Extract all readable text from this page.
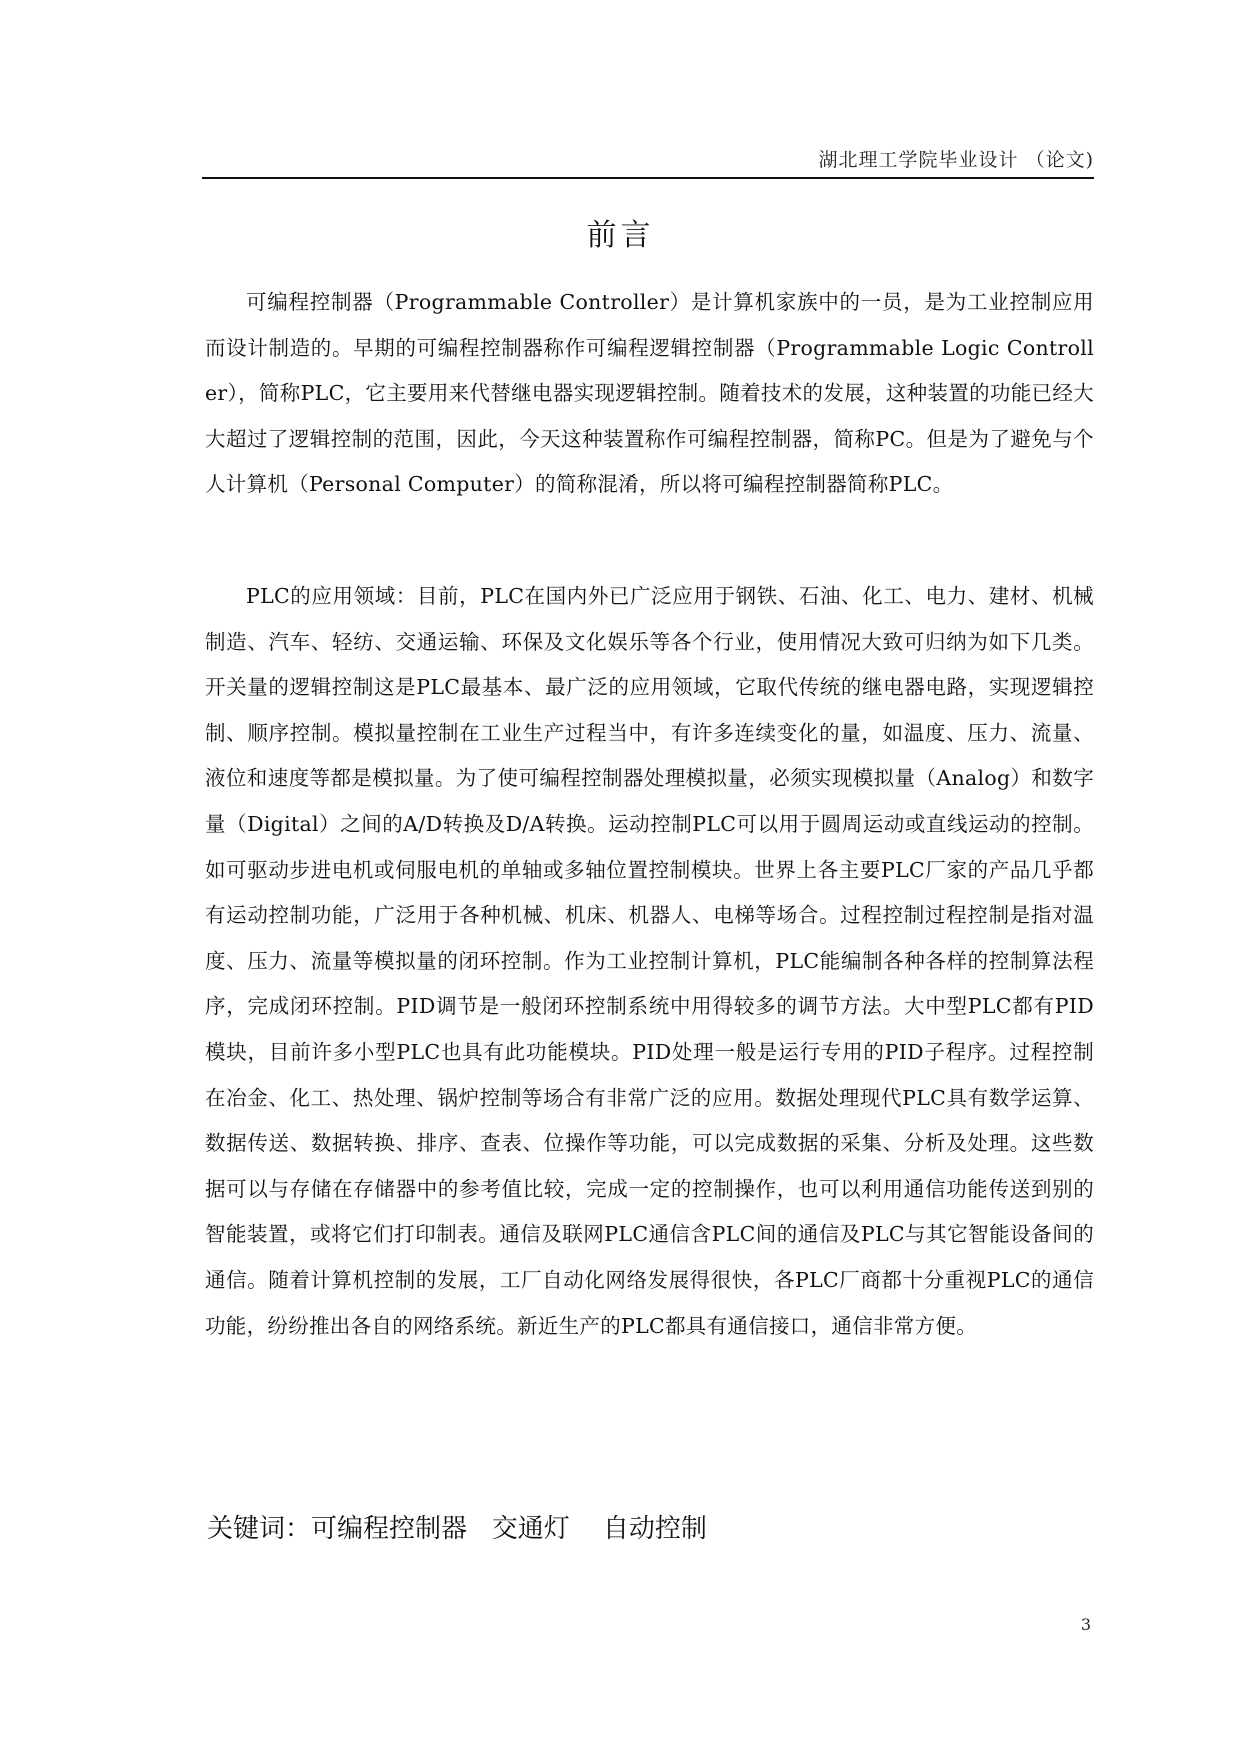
湖北理工学院毕业设计 （论文)
前言
可编程控制器（Programmable Controller）是计算机家族中的一员，是为工业控制应用而设计制造的。早期的可编程控制器称作可编程逻辑控制器（Programmable Logic Controller），简称PLC，它主要用来代替继电器实现逻辑控制。随着技术的发展，这种装置的功能已经大大超过了逻辑控制的范围，因此，今天这种装置称作可编程控制器，简称PC。但是为了避免与个人计算机（Personal Computer）的简称混淆，所以将可编程控制器简称PLC。
PLC的应用领域：目前，PLC在国内外已广泛应用于钢铁、石油、化工、电力、建材、机械制造、汽车、轻纺、交通运输、环保及文化娱乐等各个行业，使用情况大致可归纳为如下几类。开关量的逻辑控制这是PLC最基本、最广泛的应用领域，它取代传统的继电器电路，实现逻辑控制、顺序控制。模拟量控制在工业生产过程当中，有许多连续变化的量，如温度、压力、流量、液位和速度等都是模拟量。为了使可编程控制器处理模拟量，必须实现模拟量（Analog）和数字量（Digital）之间的A/D转换及D/A转换。运动控制PLC可以用于圆周运动或直线运动的控制。如可驱动步进电机或伺服电机的单轴或多轴位置控制模块。世界上各主要PLC厂家的产品几乎都有运动控制功能，广泛用于各种机械、机床、机器人、电梯等场合。过程控制过程控制是指对温度、压力、流量等模拟量的闭环控制。作为工业控制计算机，PLC能编制各种各样的控制算法程序，完成闭环控制。PID调节是一般闭环控制系统中用得较多的调节方法。大中型PLC都有PID模块，目前许多小型PLC也具有此功能模块。PID处理一般是运行专用的PID子程序。过程控制在冶金、化工、热处理、锅炉控制等场合有非常广泛的应用。数据处理现代PLC具有数学运算、数据传送、数据转换、排序、查表、位操作等功能，可以完成数据的采集、分析及处理。这些数据可以与存储在存储器中的参考值比较，完成一定的控制操作，也可以利用通信功能传送到别的智能装置，或将它们打印制表。通信及联网PLC通信含PLC间的通信及PLC与其它智能设备间的通信。随着计算机控制的发展，工厂自动化网络发展得很快，各PLC厂商都十分重视PLC的通信功能，纷纷推出各自的网络系统。新近生产的PLC都具有通信接口，通信非常方便。
关键词：可编程控制器   交通灯    自动控制
3
